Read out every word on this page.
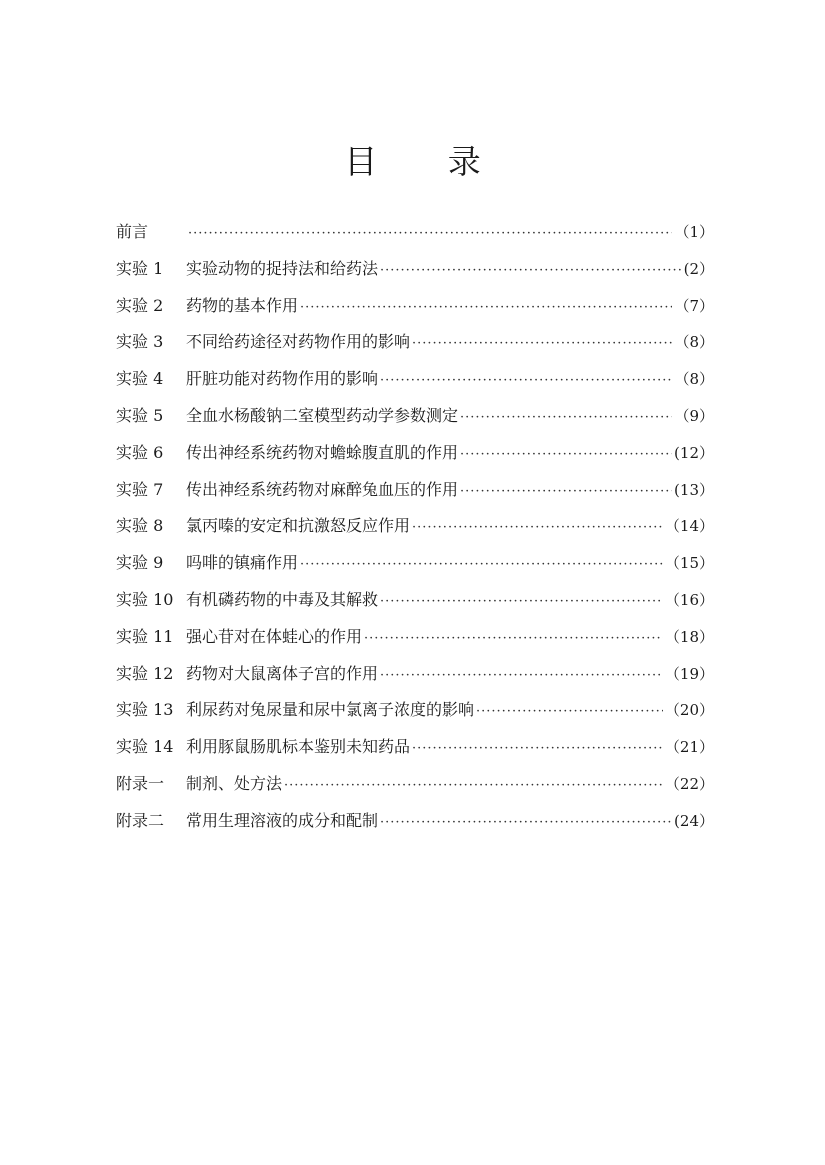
目 录
前言 ·····	（1）
实验 1	实验动物的捉持法和给药法 ·····	(2）
实验 2	药物的基本作用 ·····	（7）
实验 3	不同给药途径对药物作用的影响 ·····	（8）
实验 4	肝脏功能对药物作用的影响 ·····	（8）
实验 5	全血水杨酸钠二室模型药动学参数测定 ·····	（9）
实验 6	传出神经系统药物对蟾蜍腹直肌的作用 ·····	(12）
实验 7	传出神经系统药物对麻醉兔血压的作用 ·····	(13）
实验 8	氯丙嗪的安定和抗激怒反应作用 ·····	（14）
实验 9	吗啡的镇痛作用 ·····	（15）
实验 10 有机磷药物的中毒及其解救 ·····	（16）
实验 11 强心苷对在体蛙心的作用 ·····	（18）
实验 12 药物对大鼠离体子宫的作用 ·····	（19）
实验 13 利尿药对兔尿量和尿中氯离子浓度的影响 ·····	（20）
实验 14 利用豚鼠肠肌标本鉴别未知药品 ·····	（21）
附录一	制剂、处方法 ·····	（22）
附录二	常用生理溶液的成分和配制 ·····	(24）
